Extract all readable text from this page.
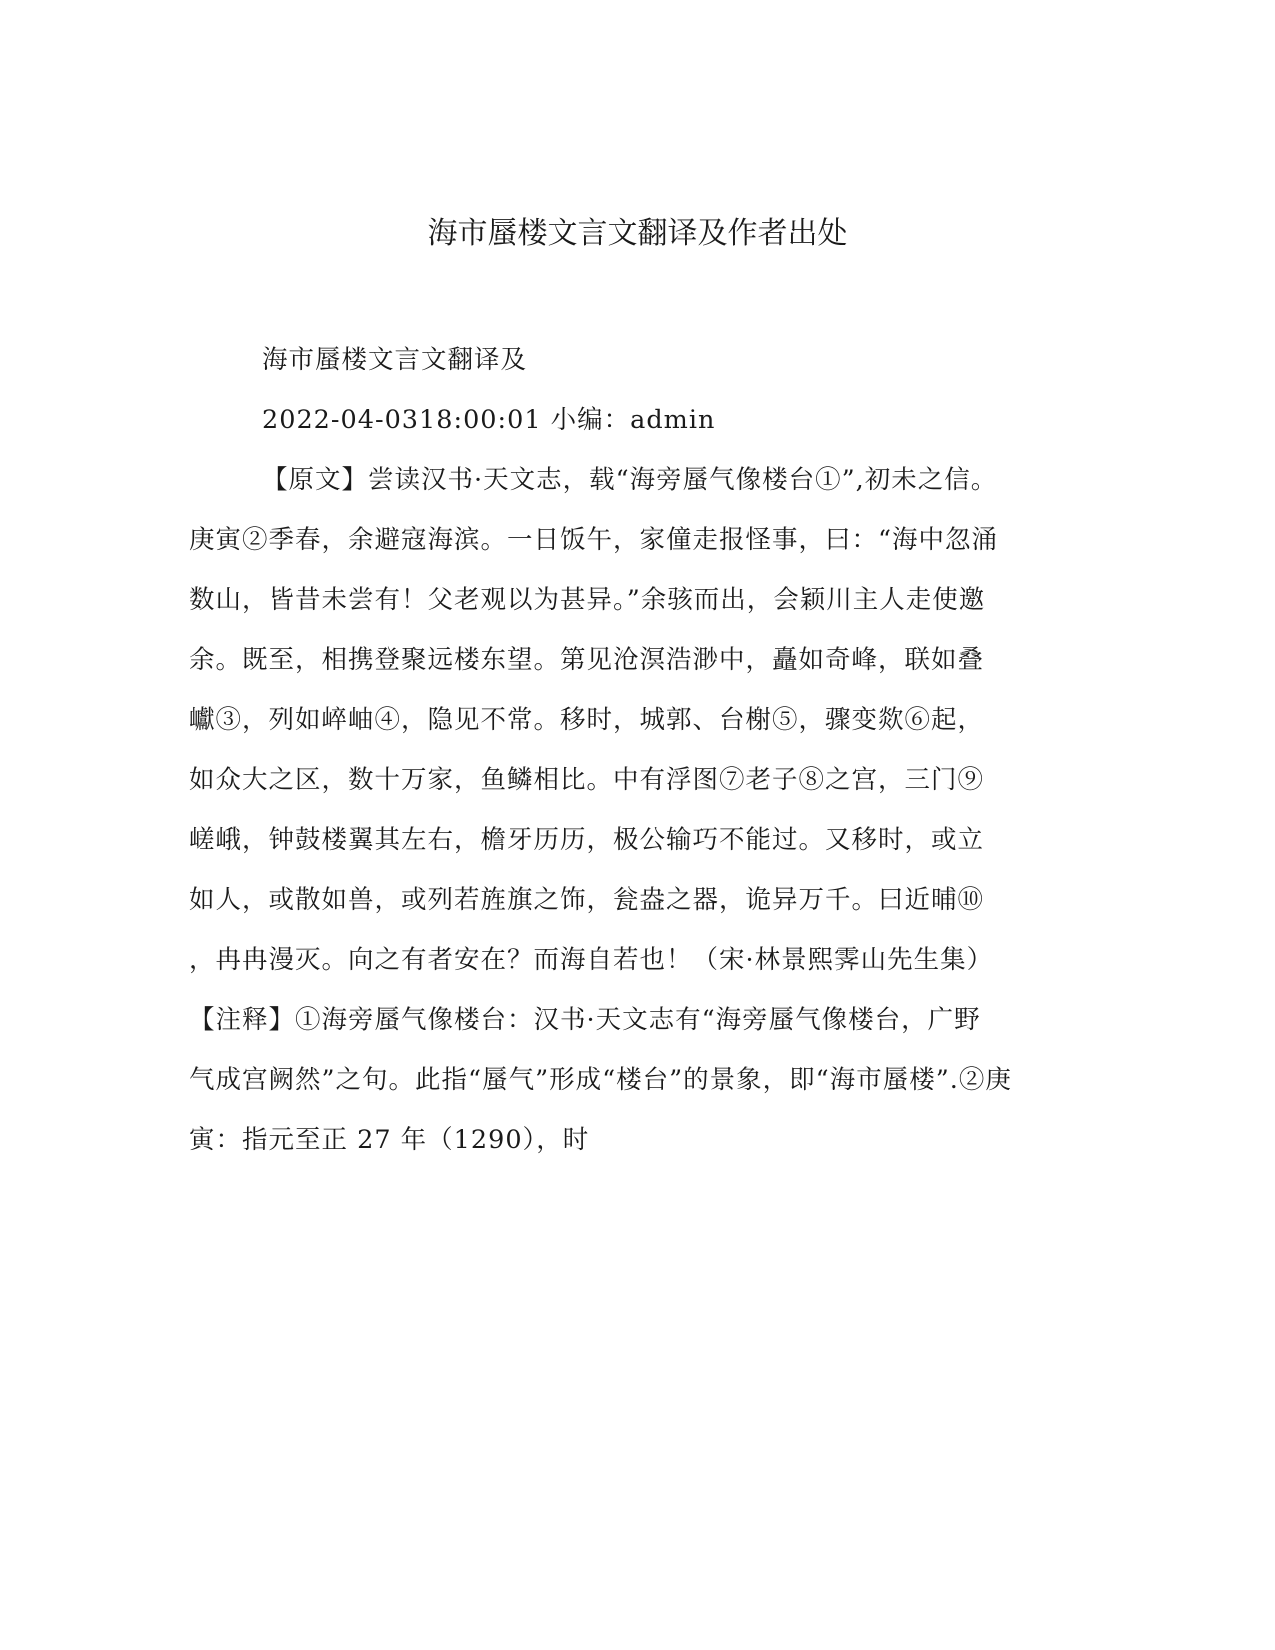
海市蜃楼文言文翻译及作者出处
海市蜃楼文言文翻译及
2022-04-0318:00:01 小编：admin
【原文】尝读汉书·天文志，载“海旁蜃气像楼台①”,初未之信。
庚寅②季春，余避寇海滨。一日饭午，家僮走报怪事，曰：“海中忽涌
数山，皆昔未尝有！父老观以为甚异。”余骇而出，会颖川主人走使邀
余。既至，相携登聚远楼东望。第见沧溟浩渺中，矗如奇峰，联如叠
巘③，列如崪岫④，隐见不常。移时，城郭、台榭⑤，骤变欻⑥起，
如众大之区，数十万家，鱼鳞相比。中有浮图⑦老子⑧之宫，三门⑨
嵯峨，钟鼓楼翼其左右，檐牙历历，极公输巧不能过。又移时，或立
如人，或散如兽，或列若旌旗之饰，瓮盎之器，诡异万千。曰近晡⑩
，冉冉漫灭。向之有者安在？而海自若也！（宋·林景熙霁山先生集）
【注释】①海旁蜃气像楼台：汉书·天文志有“海旁蜃气像楼台，广野
气成宫阙然”之句。此指“蜃气”形成“楼台”的景象，即“海市蜃楼”.②庚
寅：指元至正 27 年（1290），时
